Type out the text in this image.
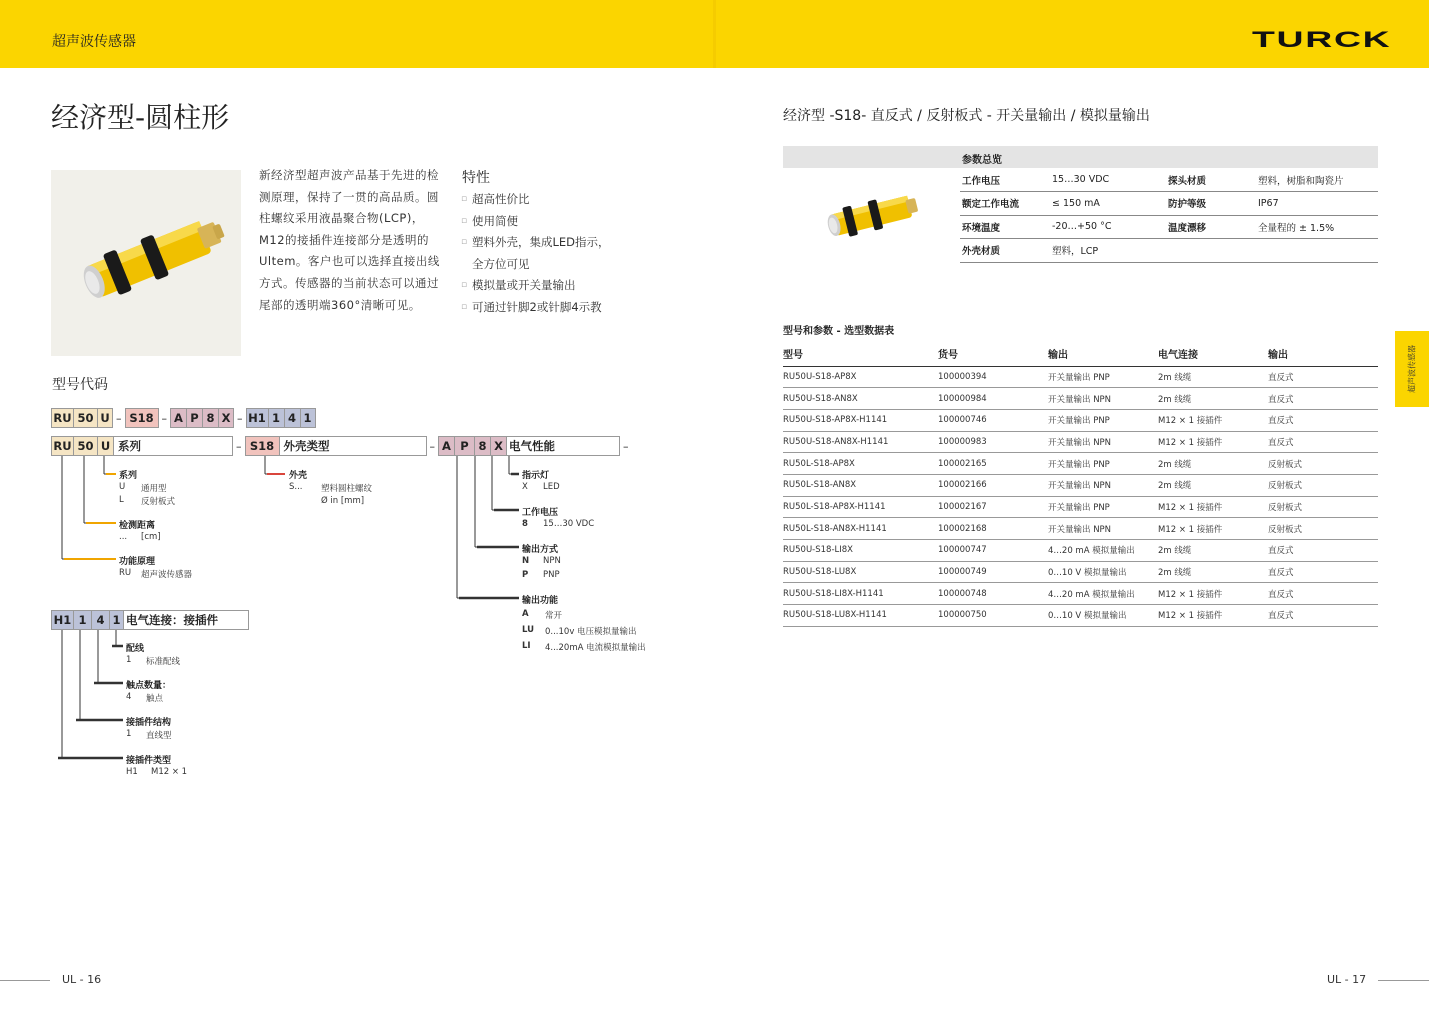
超声波传感器	TURCK
经济型-圆柱形
新经济型超声波产品基于先进的检测原理，保持了一贯的高品质。圆柱螺纹采用液晶聚合物(LCP)，M12的接插件连接部分是透明的Ultem。客户也可以选择直接出线方式。传感器的当前状态可以通过尾部的透明端360°清晰可见。
特性
▫ 超高性价比
▫ 使用简便
▫ 塑料外壳，集成LED指示，
全方位可见
▫ 模拟量或开关量输出
▫ 可通过针脚2或针脚4示教
型号代码
RU 50 U – S18 – A P 8 X – H1 1 4 1
RU 50 U 系列	– S18 外壳类型	– A P 8 X 电气性能	–
系列
U 通用型
L 反射板式
检测距离
... [cm]
功能原理
RU 超声波传感器
外壳
S... 塑料圆柱螺纹
Ø in [mm]
指示灯
X LED
工作电压
8 15…30 VDC
输出方式
N NPN
P PNP
输出功能
A 常开
LU 0...10v 电压模拟量输出
LI 4...20mA 电流模拟量输出
H1 1 4 1 电气连接：接插件
配线
1 标准配线
触点数量：
4 触点
接插件结构
1 直线型
接插件类型
H1 M12 × 1
UL - 16
经济型 -S18- 直反式 / 反射板式 - 开关量输出 / 模拟量输出
参数总览
工作电压	15…30 VDC	探头材质	塑料，树脂和陶瓷片
额定工作电流	≤ 150 mA	防护等级	IP67
环境温度	-20…+50 °C	温度漂移	全量程的 ± 1.5%
外壳材质	塑料，LCP		
型号和参数 - 选型数据表
型号	货号	输出	电气连接	输出
RU50U-S18-AP8X	100000394	开关量输出 PNP	2m 线缆	直反式
RU50U-S18-AN8X	100000984	开关量输出 NPN	2m 线缆	直反式
RU50U-S18-AP8X-H1141	100000746	开关量输出 PNP	M12 × 1 接插件	直反式
RU50U-S18-AN8X-H1141	100000983	开关量输出 NPN	M12 × 1 接插件	直反式
RU50L-S18-AP8X	100002165	开关量输出 PNP	2m 线缆	反射板式
RU50L-S18-AN8X	100002166	开关量输出 NPN	2m 线缆	反射板式
RU50L-S18-AP8X-H1141	100002167	开关量输出 PNP	M12 × 1 接插件	反射板式
RU50L-S18-AN8X-H1141	100002168	开关量输出 NPN	M12 × 1 接插件	反射板式
RU50U-S18-LI8X	100000747	4…20 mA 模拟量输出	2m 线缆	直反式
RU50U-S18-LU8X	100000749	0…10 V 模拟量输出	2m 线缆	直反式
RU50U-S18-LI8X-H1141	100000748	4…20 mA 模拟量输出	M12 × 1 接插件	直反式
RU50U-S18-LU8X-H1141	100000750	0…10 V 模拟量输出	M12 × 1 接插件	直反式
超声波传感器
UL - 17
